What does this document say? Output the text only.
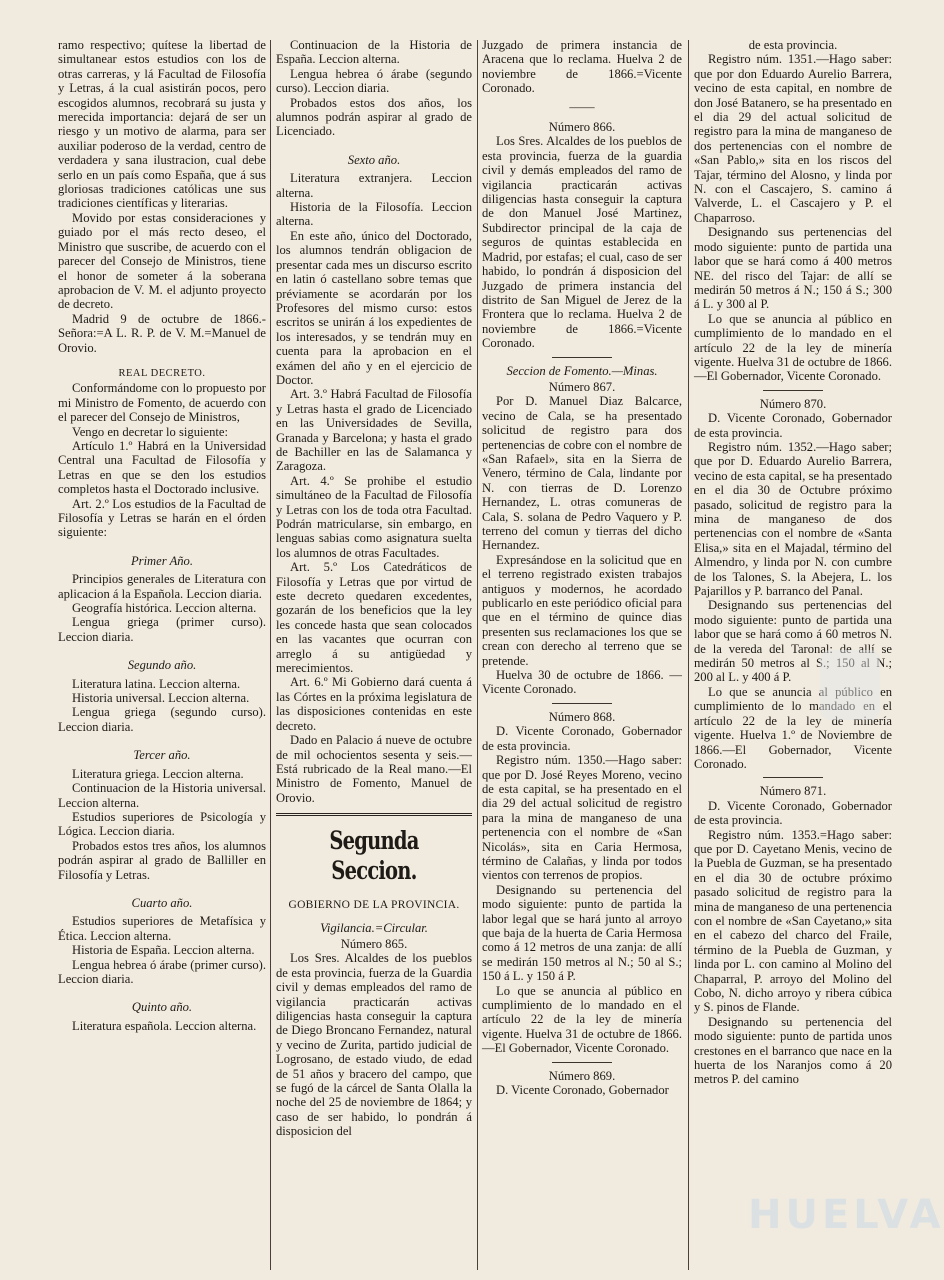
ramo respectivo; quítese la libertad de simultanear estos estudios con los de otras carreras, y lá Facultad de Filosofía y Letras, á la cual asistirán pocos, pero escogidos alumnos, recobrará su justa y merecida importancia: dejará de ser un riesgo y un motivo de alarma, para ser auxiliar poderoso de la verdad, centro de verdadera y sana ilustracion, cual debe serlo en un país como España, que á sus gloriosas tradiciones católicas une sus tradiciones científicas y literarias.

Movido por estas consideraciones y guiado por el más recto deseo, el Ministro que suscribe, de acuerdo con el parecer del Consejo de Ministros, tiene el honor de someter á la soberana aprobacion de V. M. el adjunto proyecto de decreto.

Madrid 9 de octubre de 1866.-Señora:=A L. R. P. de V. M.=Manuel de Orovio.

REAL DECRETO.

Conformándome con lo propuesto por mi Ministro de Fomento, de acuerdo con el parecer del Consejo de Ministros,

Vengo en decretar lo siguiente:

Artículo 1.º Habrá en la Universidad Central una Facultad de Filosofía y Letras en que se den los estudios completos hasta el Doctorado inclusive.

Art. 2.º Los estudios de la Facultad de Filosofía y Letras se harán en el órden siguiente:

Primer Año.

Principios generales de Literatura con aplicacion á la Española. Leccion diaria.

Geografía histórica. Leccion alterna.

Lengua griega (primer curso). Leccion diaria.

Segundo año.

Literatura latina. Leccion alterna.

Historia universal. Leccion alterna.

Lengua griega (segundo curso). Leccion diaria.

Tercer año.

Literatura griega. Leccion alterna.

Continuacion de la Historia universal. Leccion alterna.

Estudios superiores de Psicología y Lógica. Leccion diaria.

Probados estos tres años, los alumnos podrán aspirar al grado de Balliller en Filosofía y Letras.

Cuarto año.

Estudios superiores de Metafísica y Ética. Leccion alterna.

Historia de España. Leccion alterna.

Lengua hebrea ó árabe (primer curso). Leccion diaria.

Quinto año.

Literatura española. Leccion alterna.

Continuacion de la Historia de España. Leccion alterna.

Lengua hebrea ó árabe (segundo curso). Leccion diaria.

Probados estos dos años, los alumnos podrán aspirar al grado de Licenciado.

Sexto año.

Literatura extranjera. Leccion alterna.

Historia de la Filosofía. Leccion alterna.

En este año, único del Doctorado, los alumnos tendrán obligacion de presentar cada mes un discurso escrito en latin ó castellano sobre temas que préviamente se acordarán por los Profesores del mismo curso: estos escritos se unirán á los expedientes de los interesados, y se tendrán muy en cuenta para la aprobacion en el exámen del año y en el ejercicio de Doctor.

Art. 3.º Habrá Facultad de Filosofía y Letras hasta el grado de Licenciado en las Universidades de Sevilla, Granada y Barcelona; y hasta el grado de Bachiller en las de Salamanca y Zaragoza.

Art. 4.º Se prohibe el estudio simultáneo de la Facultad de Filosofía y Letras con los de toda otra Facultad. Podrán matricularse, sin embargo, en lenguas sabias como asignatura suelta los alumnos de otras Facultades.

Art. 5.º Los Catedráticos de Filosofía y Letras que por virtud de este decreto quedaren excedentes, gozarán de los beneficios que la ley les concede hasta que sean colocados en las vacantes que ocurran con arreglo á su antigüedad y merecimientos.

Art. 6.º Mi Gobierno dará cuenta á las Córtes en la próxima legislatura de las disposiciones contenidas en este decreto.

Dado en Palacio á nueve de octubre de mil ochocientos sesenta y seis.—Está rubricado de la Real mano.—El Ministro de Fomento, Manuel de Orovio.

Segunda Seccion.
GOBIERNO DE LA PROVINCIA.

Vigilancia.=Circular.

Número 865.

Los Sres. Alcaldes de los pueblos de esta provincia, fuerza de la Guardia civil y demas empleados del ramo de vigilancia practicarán activas diligencias hasta conseguir la captura de Diego Broncano Fernandez, natural y vecino de Zurita, partido judicial de Logrosano, de estado viudo, de edad de 51 años y bracero del campo, que se fugó de la cárcel de Santa Olalla la noche del 25 de noviembre de 1864; y caso de ser habido, lo pondrán á disposicion del

Juzgado de primera instancia de Aracena que lo reclama. Huelva 2 de noviembre de 1866.=Vicente Coronado.

——

Número 866.

Los Sres. Alcaldes de los pueblos de esta provincia, fuerza de la guardia civil y demás empleados del ramo de vigilancia practicarán activas diligencias hasta conseguir la captura de don Manuel José Martinez, Subdirector principal de la caja de seguros de quintas establecida en Madrid, por estafas; el cual, caso de ser habido, lo pondrán á disposicion del Juzgado de primera instancia del distrito de San Miguel de Jerez de la Frontera que lo reclama. Huelva 2 de noviembre de 1866.=Vicente Coronado.

Seccion de Fomento.—Minas.

Número 867.

Por D. Manuel Diaz Balcarce, vecino de Cala, se ha presentado solicitud de registro para dos pertenencias de cobre con el nombre de «San Rafael», sita en la Sierra de Venero, término de Cala, lindante por N. con tierras de D. Lorenzo Hernandez, L. otras comuneras de Cala, S. solana de Pedro Vaquero y P. terreno del comun y tierras del dicho Hernandez.

Expresándose en la solicitud que en el terreno registrado existen trabajos antiguos y modernos, he acordado publicarlo en este periódico oficial para que en el término de quince dias presenten sus reclamaciones los que se crean con derecho al terreno que se pretende.

Huelva 30 de octubre de 1866. —Vicente Coronado.

Número 868.

D. Vicente Coronado, Gobernador de esta provincia.

Registro núm. 1350.—Hago saber: que por D. José Reyes Moreno, vecino de esta capital, se ha presentado en el dia 29 del actual solicitud de registro para la mina de manganeso de una pertenencia con el nombre de «San Nicolás», sita en Caria Hermosa, término de Calañas, y linda por todos vientos con terrenos de propios.

Designando su pertenencia del modo siguiente: punto de partida la labor legal que se hará junto al arroyo que baja de la huerta de Caria Hermosa como á 12 metros de una zanja: de allí se medirán 150 metros al N.; 50 al S.; 150 á L. y 150 á P.

Lo que se anuncia al público en cumplimiento de lo mandado en el artículo 22 de la ley de minería vigente. Huelva 31 de octubre de 1866.—El Gobernador, Vicente Coronado.

Número 869.

D. Vicente Coronado, Gobernador

de esta provincia.

Registro núm. 1351.—Hago saber: que por don Eduardo Aurelio Barrera, vecino de esta capital, en nombre de don José Batanero, se ha presentado en el dia 29 del actual solicitud de registro para la mina de manganeso de dos pertenencias con el nombre de «San Pablo,» sita en los riscos del Tajar, término del Alosno, y linda por N. con el Cascajero, S. camino á Valverde, L. el Cascajero y P. el Chaparroso.

Designando sus pertenencias del modo siguiente: punto de partida una labor que se hará como á 400 metros NE. del risco del Tajar: de allí se medirán 50 metros á N.; 150 á S.; 300 á L. y 300 al P.

Lo que se anuncia al público en cumplimiento de lo mandado en el artículo 22 de la ley de minería vigente. Huelva 31 de octubre de 1866.—El Gobernador, Vicente Coronado.

Número 870.

D. Vicente Coronado, Gobernador de esta provincia.

Registro núm. 1352.—Hago saber; que por D. Eduardo Aurelio Barrera, vecino de esta capital, se ha presentado en el dia 30 de Octubre próximo pasado, solicitud de registro para la mina de manganeso de dos pertenencias con el nombre de «Santa Elisa,» sita en el Majadal, término del Almendro, y linda por N. con cumbre de los Talones, S. la Abejera, L. los Pajarillos y P. barranco del Panal.

Designando sus pertenencias del modo siguiente: punto de partida una labor que se hará como á 60 metros N. de la vereda del Taronal: de allí se medirán 50 metros al S.; 150 al N.; 200 al L. y 400 á P.

Lo que se anuncia al público en cumplimiento de lo mandado en el artículo 22 de la ley de minería vigente. Huelva 1.º de Noviembre de 1866.—El Gobernador, Vicente Coronado.

Número 871.

D. Vicente Coronado, Gobernador de esta provincia.

Registro núm. 1353.=Hago saber: que por D. Cayetano Menis, vecino de la Puebla de Guzman, se ha presentado en el dia 30 de octubre próximo pasado solicitud de registro para la mina de manganeso de una pertenencia con el nombre de «San Cayetano,» sita en el cabezo del charco del Fraile, término de la Puebla de Guzman, y linda por L. con camino al Molino del Chaparral, P. arroyo del Molino del Cobo, N. dicho arroyo y ribera cúbica y S. pinos de Flande.

Designando su pertenencia del modo siguiente: punto de partida unos crestones en el barranco que nace en la huerta de los Naranjos como á 20 metros P. del camino

HUELVA
